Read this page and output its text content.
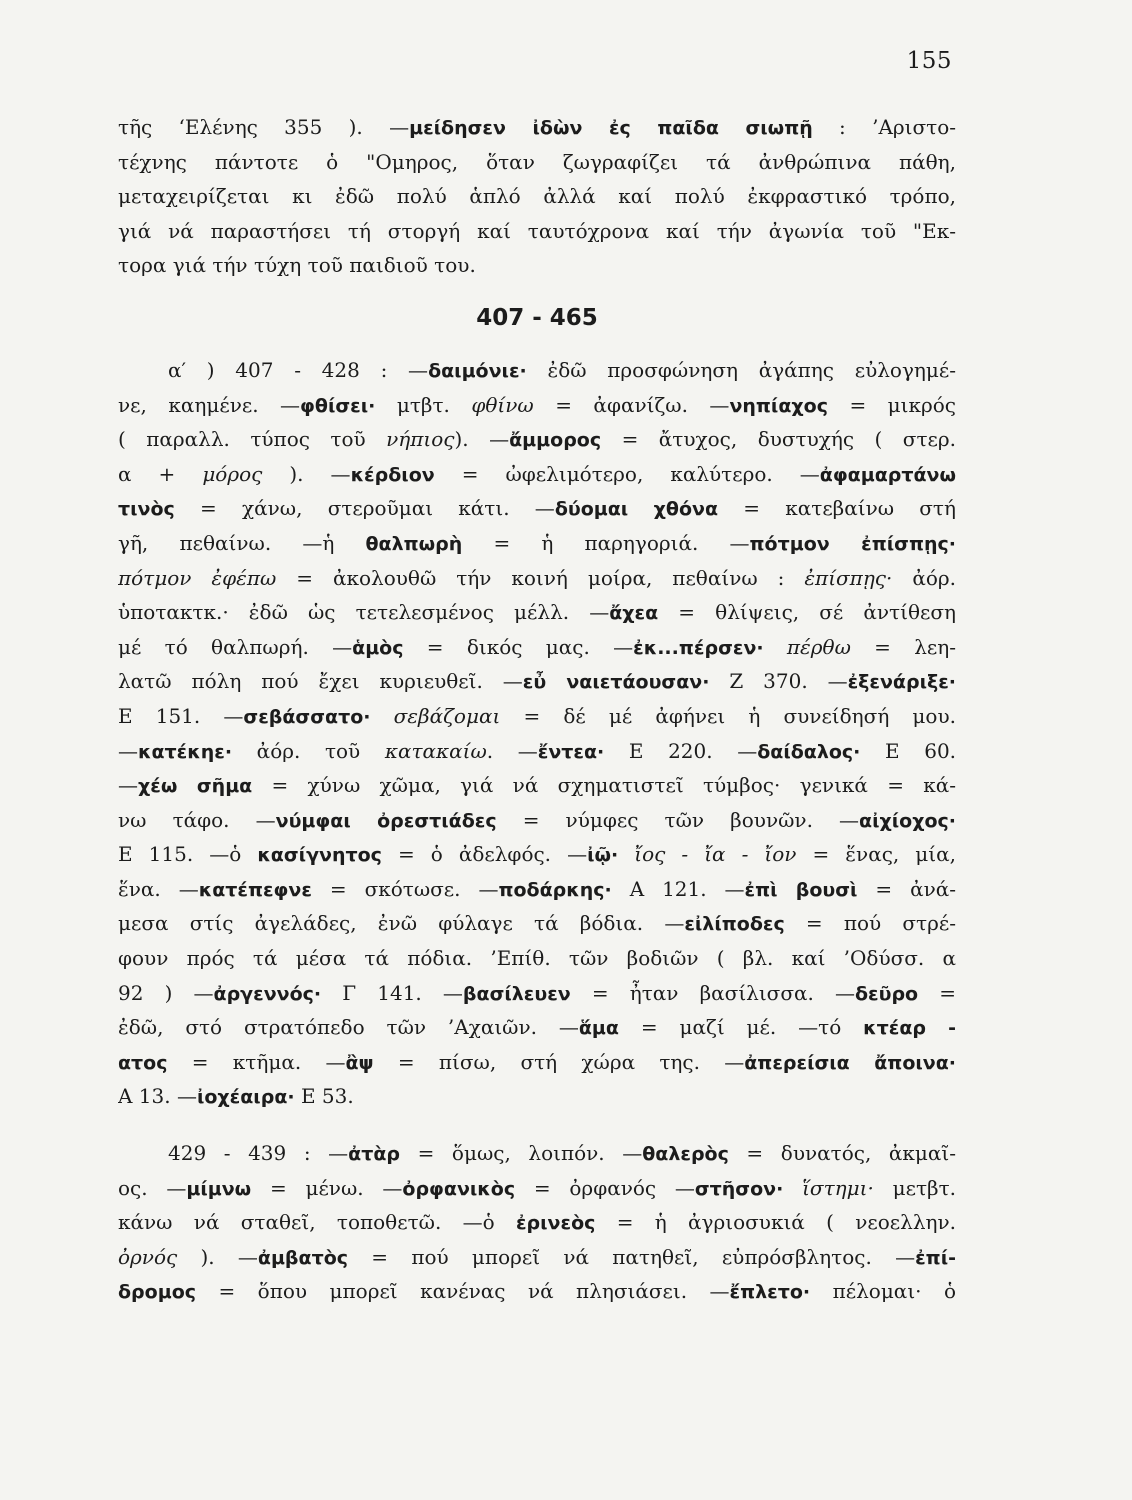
155
τῆς ‘Ελένης 355 ). —μείδησεν ἰδὼν ἐς παῖδα σιωπῇ : ’Αριστο-
τέχνης πάντοτε ὁ "Ομηρος, ὅταν ζωγραφίζει τά ἀνθρώπινα πάθη,
μεταχειρίζεται κι ἐδῶ πολύ ἁπλό ἀλλά καί πολύ ἐκφραστικό τρόπο,
γιά νά παραστήσει τή στοργή καί ταυτόχρονα καί τήν ἀγωνία τοῦ "Εκ-
τορα γιά τήν τύχη τοῦ παιδιοῦ του.
407 - 465
α′ ) 407 - 428 : —δαιμόνιε· ἐδῶ προσφώνηση ἀγάπης εὐλογημέ-
νε, καημένε. —φθίσει· μτβτ. φθίνω = ἀφανίζω. —νηπίαχος = μικρός
( παραλλ. τύπος τοῦ νήπιος). —ἄμμορος = ἄτυχος, δυστυχής ( στερ.
α + μόρος ). —κέρδιον = ὠφελιμότερο, καλύτερο. —ἀφαμαρτάνω
τινὸς = χάνω, στεροῦμαι κάτι. —δύομαι χθόνα = κατεβαίνω στή
γῆ, πεθαίνω. —ἡ θαλπωρὴ = ἡ παρηγοριά. —πότμον ἐπίσπῃς·
πότμον ἐφέπω = ἀκολουθῶ τήν κοινή μοίρα, πεθαίνω : ἐπίσπῃς· ἀόρ.
ὑποτακτκ.· ἐδῶ ὡς τετελεσμένος μέλλ. —ἄχεα = θλίψεις, σέ ἀντίθεση
μέ τό θαλπωρή. —ἁμὸς = δικός μας. —ἐκ...πέρσεν· πέρθω = λεη-
λατῶ πόλη πού ἔχει κυριευθεῖ. —εὖ ναιετάουσαν· Ζ 370. —ἐξενάριξε·
Ε 151. —σεβάσσατο· σεβάζομαι = δέ μέ ἀφήνει ἡ συνείδησή μου.
—κατέκηε· ἀόρ. τοῦ κατακαίω. —ἔντεα· Ε 220. —δαίδαλος· Ε 60.
—χέω σῆμα = χύνω χῶμα, γιά νά σχηματιστεῖ τύμβος· γενικά = κά-
νω τάφο. —νύμφαι ὀρεστιάδες = νύμφες τῶν βουνῶν. —αἰχίοχος·
Ε 115. —ὁ κασίγνητος = ὁ ἀδελφός. —ἰῷ· ἴος - ἴα - ἴον = ἕνας, μία,
ἕνα. —κατέπεφνε = σκότωσε. —ποδάρκης· Α 121. —ἐπὶ βουσὶ = ἀνά-
μεσα στίς ἀγελάδες, ἐνῶ φύλαγε τά βόδια. —εἰλίποδες = πού στρέ-
φουν πρός τά μέσα τά πόδια. ’Επίθ. τῶν βοδιῶν ( βλ. καί ’Οδύσσ. α
92 ) —ἀργεννός· Γ 141. —βασίλευεν = ἦταν βασίλισσα. —δεῦρο =
ἐδῶ, στό στρατόπεδο τῶν ’Αχαιῶν. —ἅμα = μαζί μέ. —τό κτέαρ -
ατος = κτῆμα. —ἂψ = πίσω, στή χώρα της. —ἀπερείσια ἄποινα·
Α 13. —ἰοχέαιρα· Ε 53.
429 - 439 : —ἀτὰρ = ὅμως, λοιπόν. —θαλερὸς = δυνατός, ἀκμαῖ-
ος. —μίμνω = μένω. —ὀρφανικὸς = ὀρφανός —στῆσον· ἵστημι· μετβτ.
κάνω νά σταθεῖ, τοποθετῶ. —ὁ ἐρινεὸς = ἡ ἀγριοσυκιά ( νεοελλην.
ὀρνός ). —ἀμβατὸς = πού μπορεῖ νά πατηθεῖ, εὐπρόσβλητος. —ἐπί-
δρομος = ὅπου μπορεῖ κανένας νά πλησιάσει. —ἔπλετο· πέλομαι· ὁ
